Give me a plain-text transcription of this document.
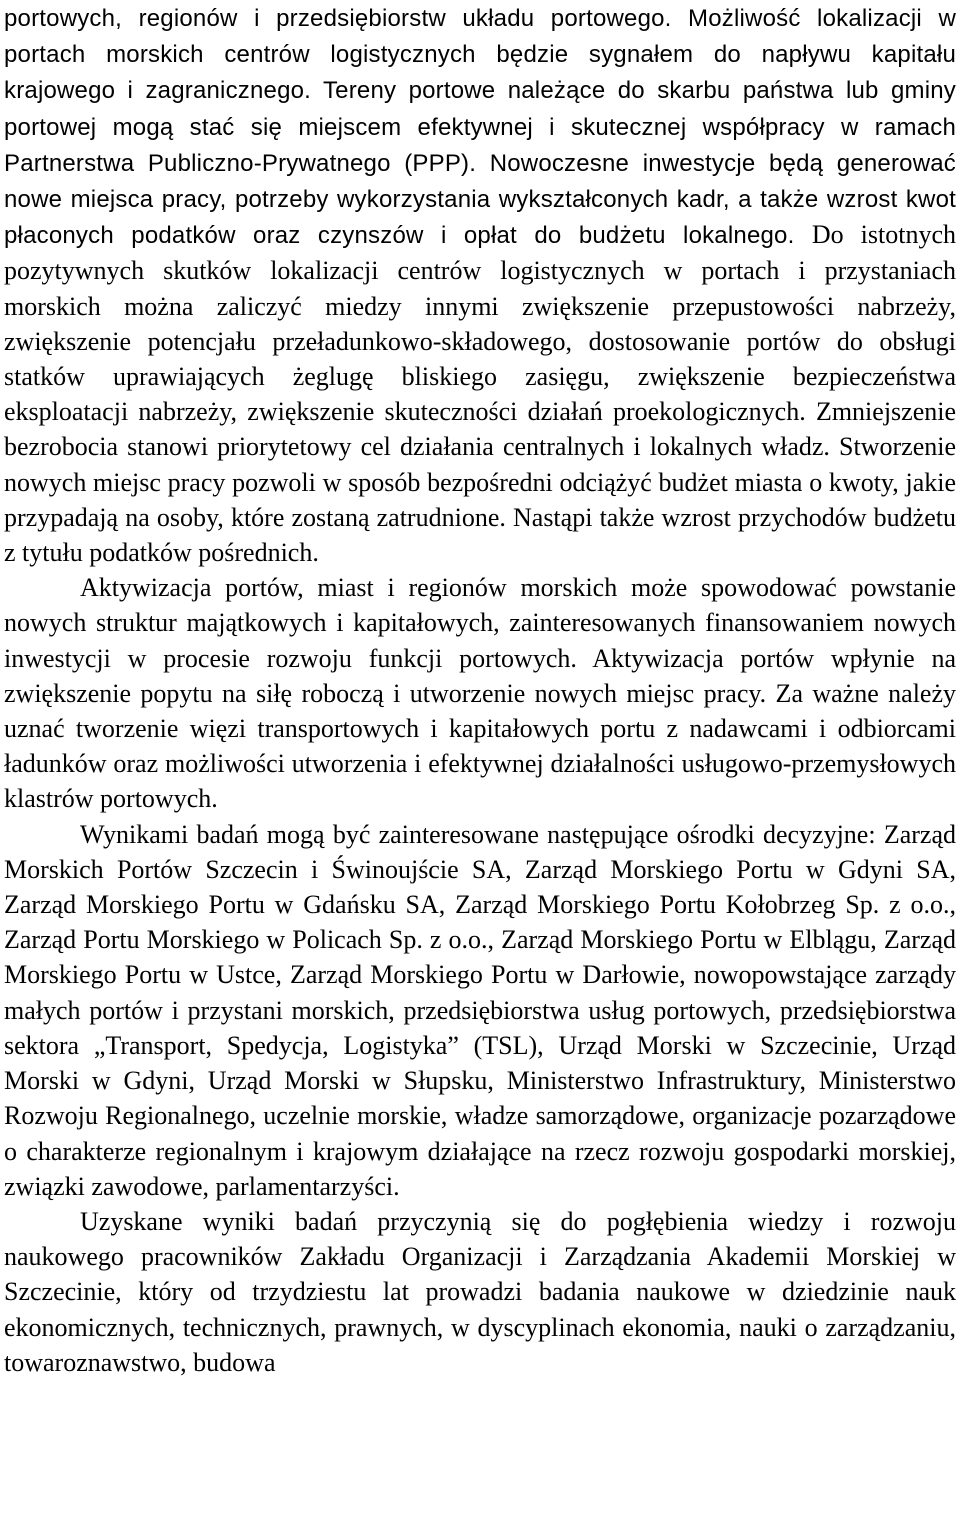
portowych, regionów i przedsiębiorstw układu portowego. Możliwość lokalizacji w portach morskich centrów logistycznych będzie sygnałem do napływu kapitału krajowego i zagranicznego. Tereny portowe należące do skarbu państwa lub gminy portowej mogą stać się miejscem efektywnej i skutecznej współpracy w ramach Partnerstwa Publiczno-Prywatnego (PPP). Nowoczesne inwestycje będą generować nowe miejsca pracy, potrzeby wykorzystania wykształconych kadr, a także wzrost kwot płaconych podatków oraz czynszów i opłat do budżetu lokalnego. Do istotnych pozytywnych skutków lokalizacji centrów logistycznych w portach i przystaniach morskich można zaliczyć miedzy innymi zwiększenie przepustowości nabrzeży, zwiększenie potencjału przeładunkowo-składowego, dostosowanie portów do obsługi statków uprawiających żeglugę bliskiego zasięgu, zwiększenie bezpieczeństwa eksploatacji nabrzeży, zwiększenie skuteczności działań proekologicznych. Zmniejszenie bezrobocia stanowi priorytetowy cel działania centralnych i lokalnych władz. Stworzenie nowych miejsc pracy pozwoli w sposób bezpośredni odciążyć budżet miasta o kwoty, jakie przypadają na osoby, które zostaną zatrudnione. Nastąpi także wzrost przychodów budżetu z tytułu podatków pośrednich.

Aktywizacja portów, miast i regionów morskich może spowodować powstanie nowych struktur majątkowych i kapitałowych, zainteresowanych finansowaniem nowych inwestycji w procesie rozwoju funkcji portowych. Aktywizacja portów wpłynie na zwiększenie popytu na siłę roboczą i utworzenie nowych miejsc pracy. Za ważne należy uznać tworzenie więzi transportowych i kapitałowych portu z nadawcami i odbiorcami ładunków oraz możliwości utworzenia i efektywnej działalności usługowo-przemysłowych klastrów portowych.

Wynikami badań mogą być zainteresowane następujące ośrodki decyzyjne: Zarząd Morskich Portów Szczecin i Świnoujście SA, Zarząd Morskiego Portu w Gdyni SA, Zarząd Morskiego Portu w Gdańsku SA, Zarząd Morskiego Portu Kołobrzeg Sp. z o.o., Zarząd Portu Morskiego w Policach Sp. z o.o., Zarząd Morskiego Portu w Elblągu, Zarząd Morskiego Portu w Ustce, Zarząd Morskiego Portu w Darłowie, nowopowstające zarządy małych portów i przystani morskich, przedsiębiorstwa usług portowych, przedsiębiorstwa sektora „Transport, Spedycja, Logistyka” (TSL), Urząd Morski w Szczecinie, Urząd Morski w Gdyni, Urząd Morski w Słupsku, Ministerstwo Infrastruktury, Ministerstwo Rozwoju Regionalnego, uczelnie morskie, władze samorządowe, organizacje pozarządowe o charakterze regionalnym i krajowym działające na rzecz rozwoju gospodarki morskiej, związki zawodowe, parlamentarzyści.

Uzyskane wyniki badań przyczynią się do pogłębienia wiedzy i rozwoju naukowego pracowników Zakładu Organizacji i Zarządzania Akademii Morskiej w Szczecinie, który od trzydziestu lat prowadzi badania naukowe w dziedzinie nauk ekonomicznych, technicznych, prawnych, w dyscyplinach ekonomia, nauki o zarządzaniu, towaroznawstwo, budowa
